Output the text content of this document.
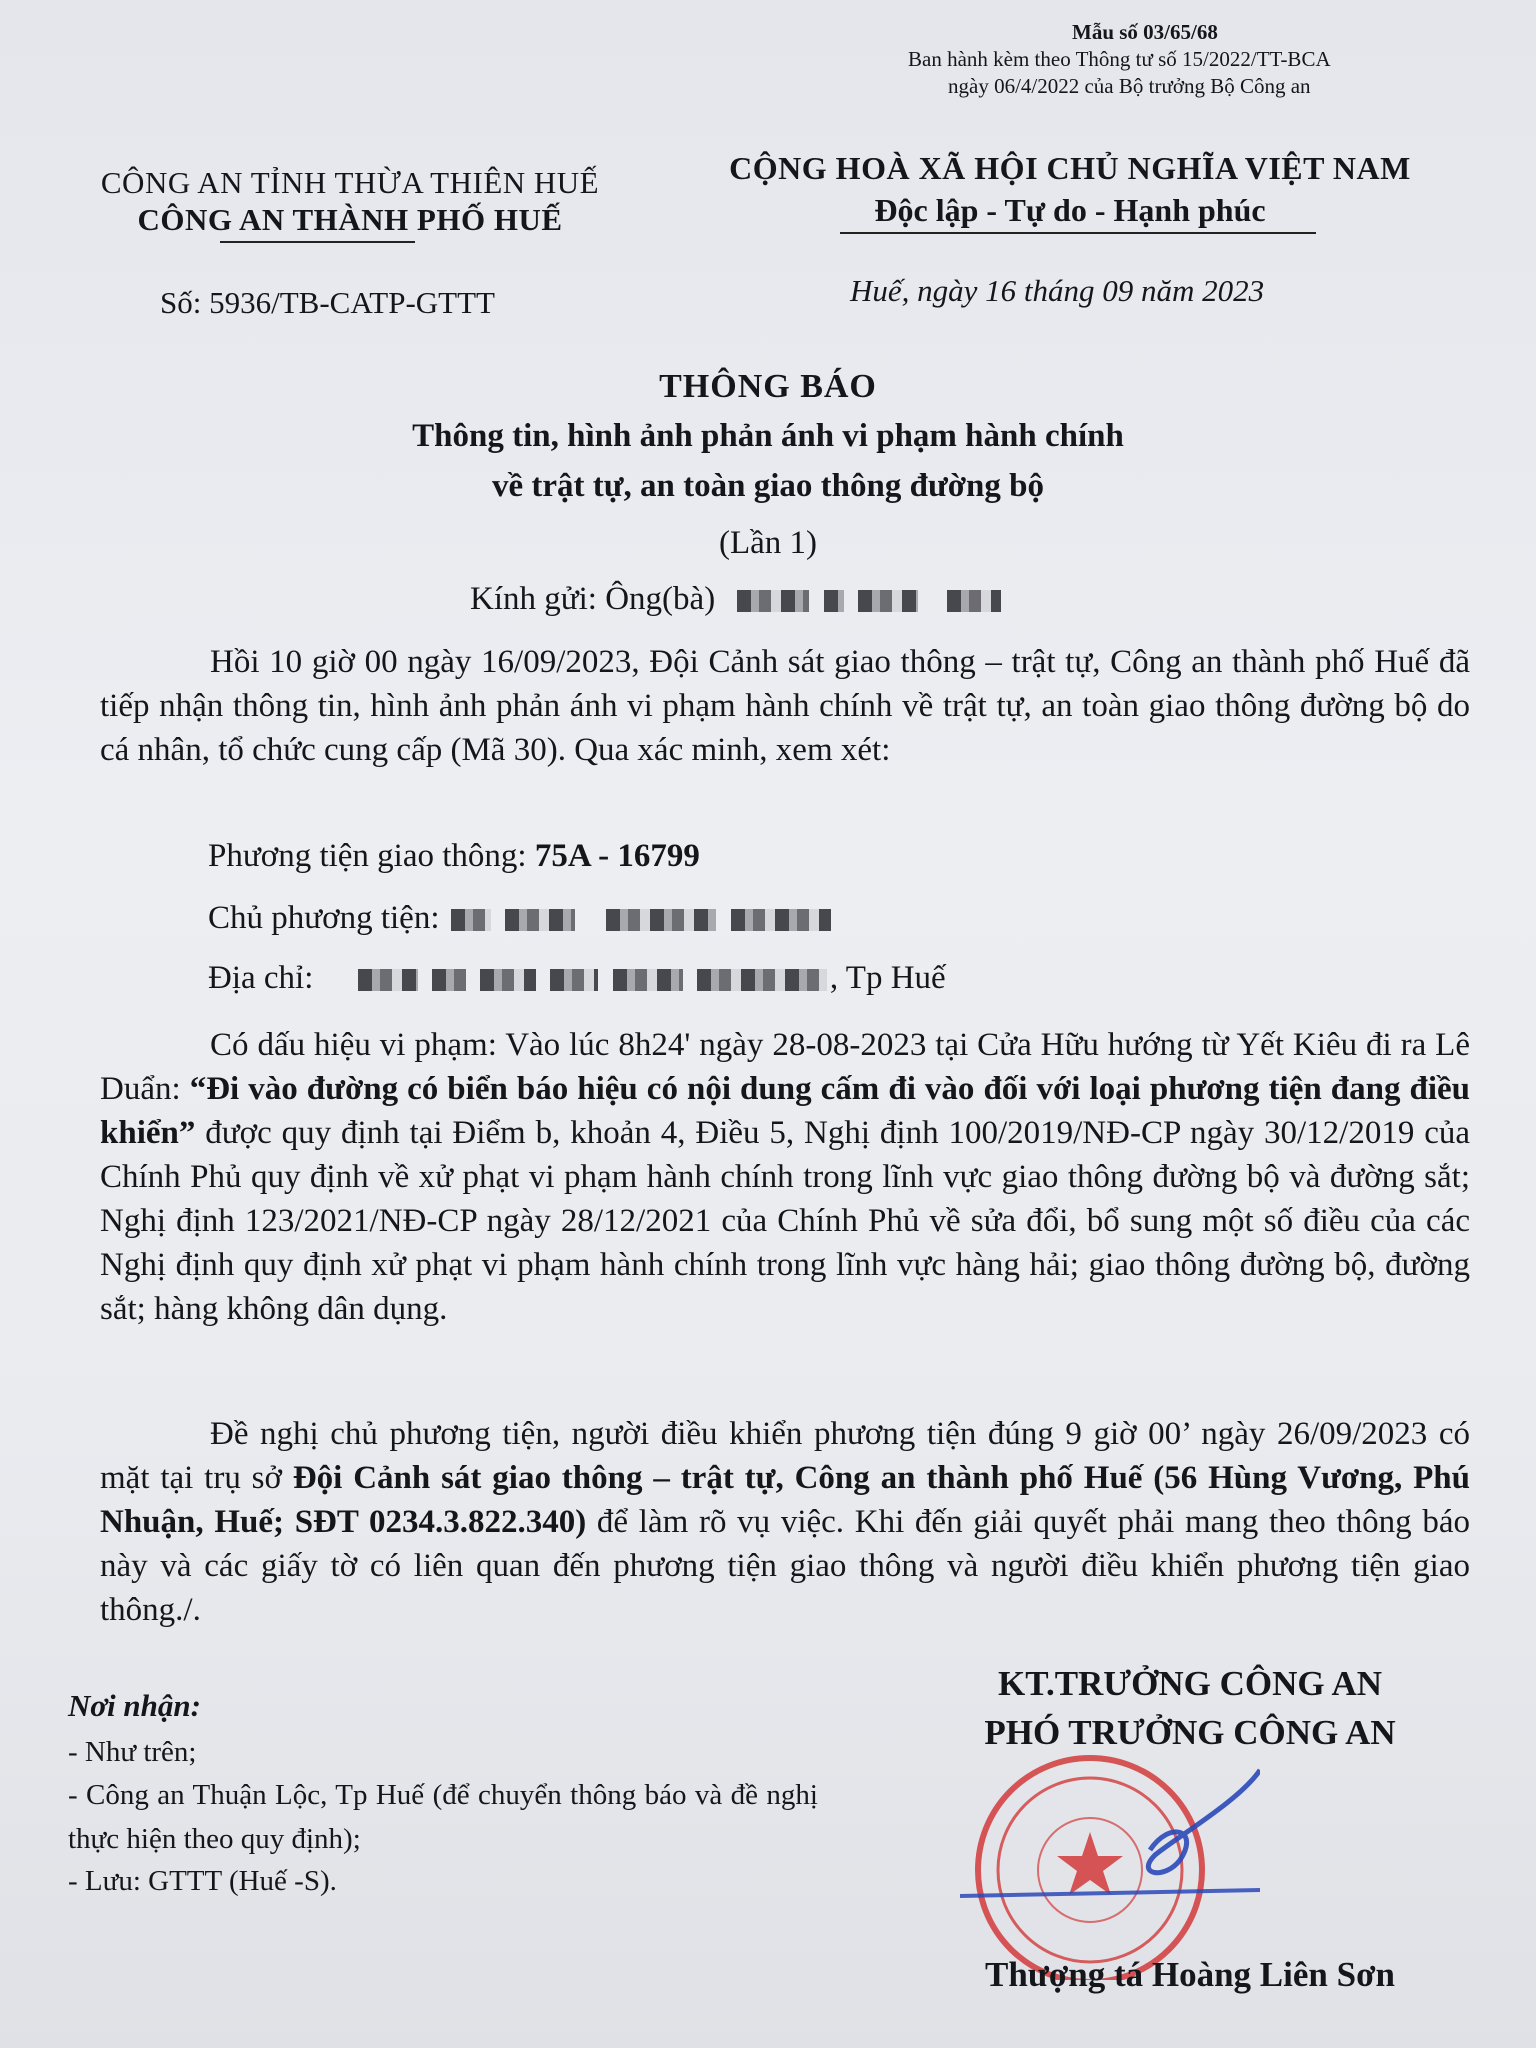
Mẫu số 03/65/68
Ban hành kèm theo Thông tư số 15/2022/TT-BCA
ngày 06/4/2022 của Bộ trưởng Bộ Công an
CÔNG AN TỈNH THỪA THIÊN HUẾ
CÔNG AN THÀNH PHỐ HUẾ
CỘNG HOÀ XÃ HỘI CHỦ NGHĨA VIỆT NAM
Độc lập - Tự do - Hạnh phúc
Số: 5936/TB-CATP-GTTT	Huế, ngày 16 tháng 09 năm 2023
THÔNG BÁO
Thông tin, hình ảnh phản ánh vi phạm hành chính
về trật tự, an toàn giao thông đường bộ
(Lần 1)
Kính gửi: Ông(bà)
Hồi 10 giờ 00 ngày 16/09/2023, Đội Cảnh sát giao thông – trật tự, Công an thành phố Huế đã tiếp nhận thông tin, hình ảnh phản ánh vi phạm hành chính về trật tự, an toàn giao thông đường bộ do cá nhân, tổ chức cung cấp (Mã 30). Qua xác minh, xem xét:
Phương tiện giao thông: 75A - 16799
Chủ phương tiện:
Địa chỉ:	, Tp Huế
Có dấu hiệu vi phạm: Vào lúc 8h24' ngày 28-08-2023 tại Cửa Hữu hướng từ Yết Kiêu đi ra Lê Duẩn: “Đi vào đường có biển báo hiệu có nội dung cấm đi vào đối với loại phương tiện đang điều khiển” được quy định tại Điểm b, khoản 4, Điều 5, Nghị định 100/2019/NĐ-CP ngày 30/12/2019 của Chính Phủ quy định về xử phạt vi phạm hành chính trong lĩnh vực giao thông đường bộ và đường sắt; Nghị định 123/2021/NĐ-CP ngày 28/12/2021 của Chính Phủ về sửa đổi, bổ sung một số điều của các Nghị định quy định xử phạt vi phạm hành chính trong lĩnh vực hàng hải; giao thông đường bộ, đường sắt; hàng không dân dụng.
Đề nghị chủ phương tiện, người điều khiển phương tiện đúng 9 giờ 00’ ngày 26/09/2023 có mặt tại trụ sở Đội Cảnh sát giao thông – trật tự, Công an thành phố Huế (56 Hùng Vương, Phú Nhuận, Huế; SĐT 0234.3.822.340) để làm rõ vụ việc. Khi đến giải quyết phải mang theo thông báo này và các giấy tờ có liên quan đến phương tiện giao thông và người điều khiển phương tiện giao thông./.
Nơi nhận:
- Như trên;
- Công an Thuận Lộc, Tp Huế (để chuyển thông báo và đề nghị thực hiện theo quy định);
- Lưu: GTTT (Huế -S).
KT.TRƯỞNG CÔNG AN
PHÓ TRƯỞNG CÔNG AN
Thượng tá Hoàng Liên Sơn
